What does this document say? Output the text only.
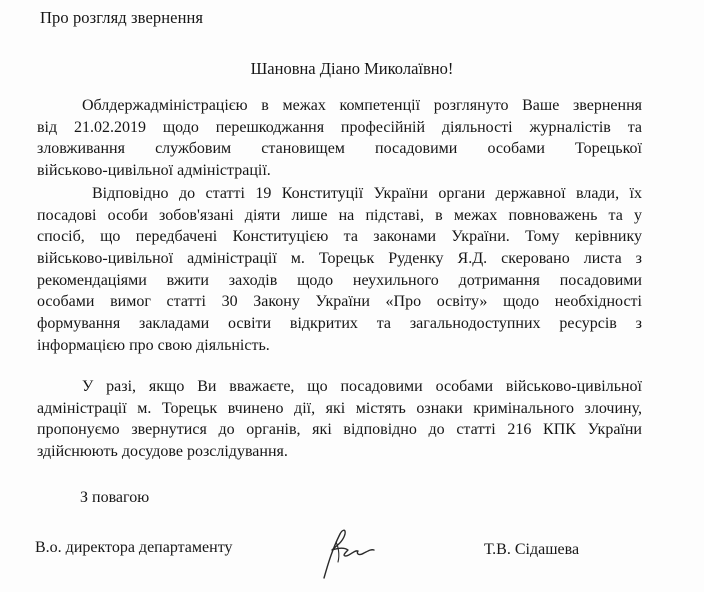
Про розгляд звернення
Шановна Діано Миколаївно!
Облдержадміністрацією в межах компетенції розглянуто Ваше звернення
від 21.02.2019 щодо перешкоджання професійній діяльності журналістів та
зловживання службовим становищем посадовими особами Торецької
військово-цивільної адміністрації.
Відповідно до статті 19 Конституції України органи державної влади, їх
посадові особи зобов'язані діяти лише на підставі, в межах повноважень та у
спосіб, що передбачені Конституцією та законами України. Тому керівнику
військово-цивільної адміністрації м. Торецьк Руденку Я.Д. скеровано листа з
рекомендаціями вжити заходів щодо неухильного дотримання посадовими
особами вимог статті 30 Закону України «Про освіту» щодо необхідності
формування закладами освіти відкритих та загальнодоступних ресурсів з
інформацією про свою діяльність.
У разі, якщо Ви вважаєте, що посадовими особами військово-цивільної
адміністрації м. Торецьк вчинено дії, які містять ознаки кримінального злочину,
пропонуємо звернутися до органів, які відповідно до статті 216 КПК України
здійснюють досудове розслідування.
З повагою
В.о. директора департаменту	Т.В. Сідашева
